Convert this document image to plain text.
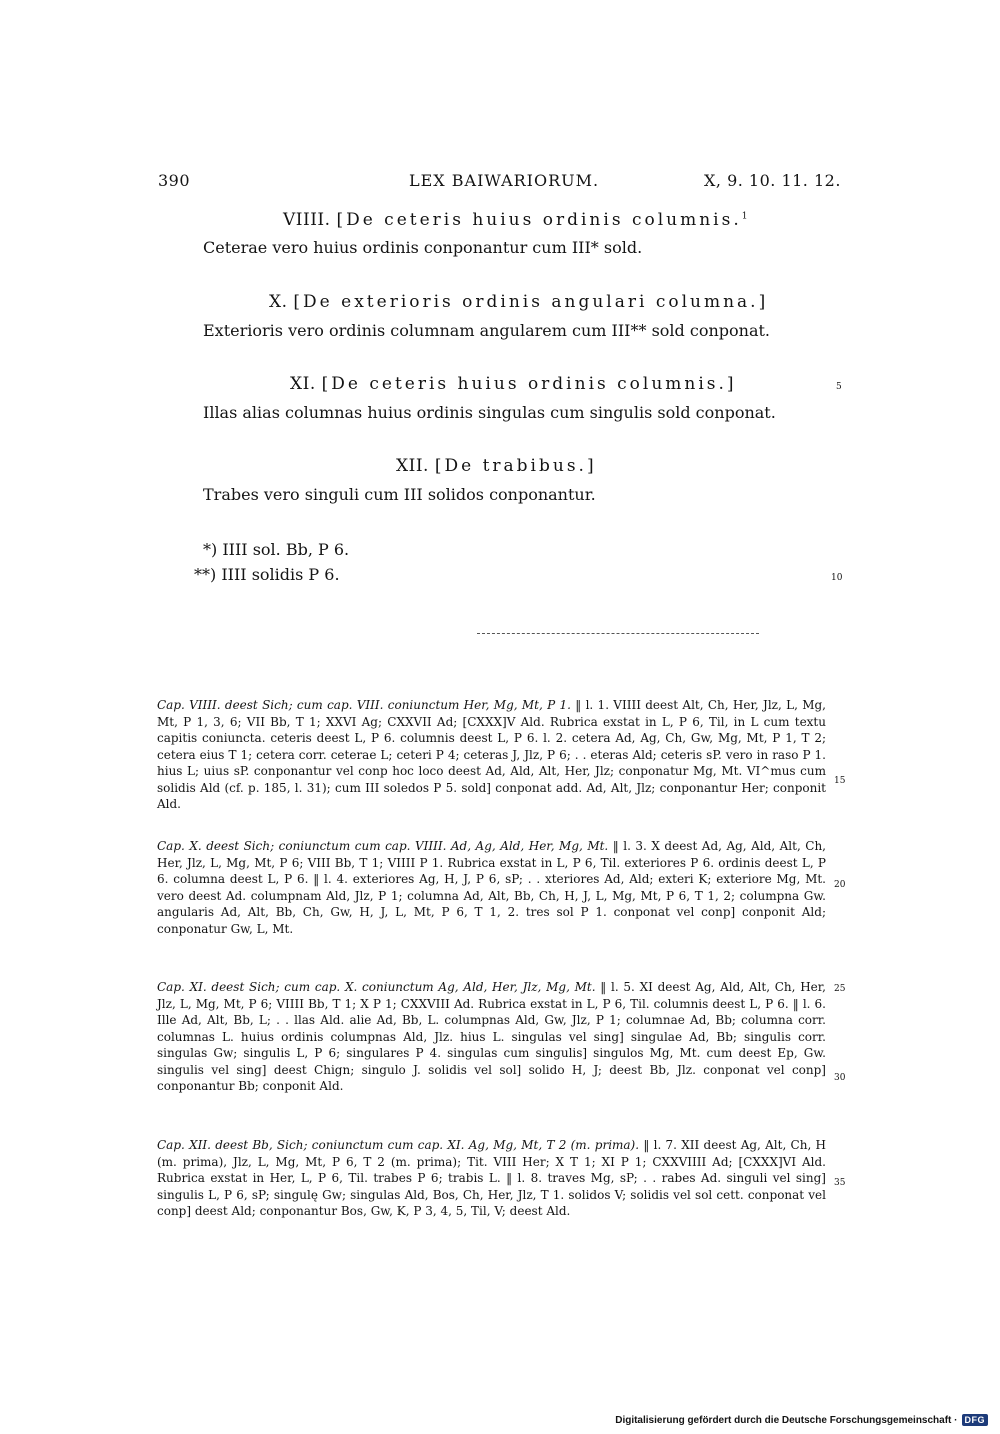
390	LEX BAIWARIORUM.	X, 9. 10. 11. 12.
VIIII. [De ceteris huius ordinis columnis.$^1$
Ceterae vero huius ordinis conponantur cum III* sold.
X. [De exterioris ordinis angulari columna.]
Exterioris vero ordinis columnam angularem cum III** sold conponat.
XI. [De ceteris huius ordinis columnis.]	5
Illas alias columnas huius ordinis singulas cum singulis sold conponat.
XII. [De trabibus.]
Trabes vero singuli cum III solidos conponantur.
*) IIII sol. Bb, P 6.
**) IIII solidis P 6.	10

Cap. VIIII. deest Sich; cum cap. VIII. coniunctum Her, Mg, Mt, P 1. ‖ l. 1. VIIII deest Alt, Ch, Her, Jlz, L, Mg, Mt, P 1, 3, 6; VII Bb, T 1; XXVI Ag; CXXVII Ad; [CXXX]V Ald. Rubrica exstat in L, P 6, Til, in L cum textu capitis coniuncta. ceteris deest L, P 6. columnis deest L, P 6. l. 2. cetera Ad, Ag, Ch, Gw, Mg, Mt, P 1, T 2; cetera eius T 1; cetera corr. ceterae L; ceteri P 4; ceteras J, Jlz, P 6; . . eteras Ald; ceteris sP. vero in raso P 1. hius L; uius sP. conponantur vel conp hoc loco deest Ad, Ald, Alt, Her, Jlz; conponatur Mg, Mt. VI^mus cum solidis Ald (cf. p. 185, l. 31); cum III soledos P 5. sold] conponat add. Ad, Alt, Jlz; conponantur Her; conponit Ald.

15

Cap. X. deest Sich; coniunctum cum cap. VIIII. Ad, Ag, Ald, Her, Mg, Mt. ‖ l. 3. X deest Ad, Ag, Ald, Alt, Ch, Her, Jlz, L, Mg, Mt, P 6; VIII Bb, T 1; VIIII P 1. Rubrica exstat in L, P 6, Til. exteriores P 6. ordinis deest L, P 6. columna deest L, P 6. ‖ l. 4. exteriores Ag, H, J, P 6, sP; . . xteriores Ad, Ald; exteri K; exteriore Mg, Mt. vero deest Ad. columpnam Ald, Jlz, P 1; columna Ad, Alt, Bb, Ch, H, J, L, Mg, Mt, P 6, T 1, 2; columpna Gw. angularis Ad, Alt, Bb, Ch, Gw, H, J, L, Mt, P 6, T 1, 2. tres sol P 1. conponat vel conp] conponit Ald; conponatur Gw, L, Mt.

20

Cap. XI. deest Sich; cum cap. X. coniunctum Ag, Ald, Her, Jlz, Mg, Mt. ‖ l. 5. XI deest Ag, Ald, Alt, Ch, Her, Jlz, L, Mg, Mt, P 6; VIIII Bb, T 1; X P 1; CXXVIII Ad. Rubrica exstat in L, P 6, Til. columnis deest L, P 6. ‖ l. 6. Ille Ad, Alt, Bb, L; . . llas Ald. alie Ad, Bb, L. columpnas Ald, Gw, Jlz, P 1; columnae Ad, Bb; columna corr. columnas L. huius ordinis columpnas Ald, Jlz. hius L. singulas vel sing] singulae Ad, Bb; singulis corr. singulas Gw; singulis L, P 6; singulares P 4. singulas cum singulis] singulos Mg, Mt. cum deest Ep, Gw. singulis vel sing] deest Chign; singulo J. solidis vel sol] solido H, J; deest Bb, Jlz. conponat vel conp] conponantur Bb; conponit Ald.

25
30

Cap. XII. deest Bb, Sich; coniunctum cum cap. XI. Ag, Mg, Mt, T 2 (m. prima). ‖ l. 7. XII deest Ag, Alt, Ch, H (m. prima), Jlz, L, Mg, Mt, P 6, T 2 (m. prima); Tit. VIII Her; X T 1; XI P 1; CXXVIIII Ad; [CXXX]VI Ald. Rubrica exstat in Her, L, P 6, Til. trabes P 6; trabis L. ‖ l. 8. traves Mg, sP; . . rabes Ad. singuli vel sing] singulis L, P 6, sP; singulę Gw; singulas Ald, Bos, Ch, Her, Jlz, T 1. solidos V; solidis vel sol cett. conponat vel conp] deest Ald; conponantur Bos, Gw, K, P 3, 4, 5, Til, V; deest Ald.

35
Digitalisierung gefördert durch die Deutsche Forschungsgemeinschaft · DFG
